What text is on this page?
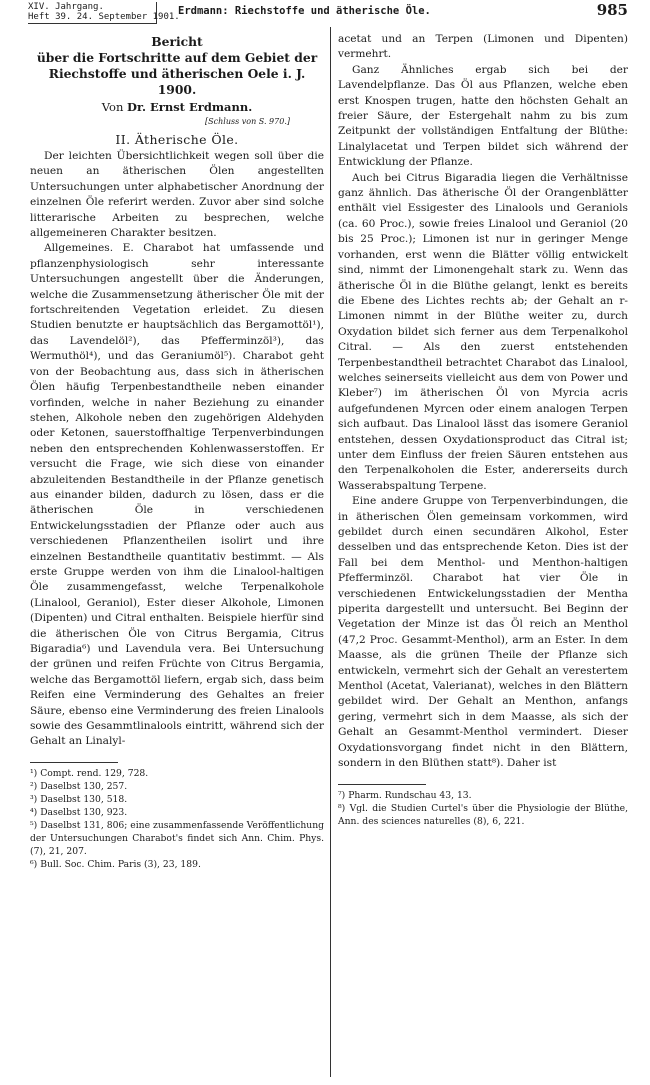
XIV. Jahrgang.
Heft 39. 24. September 1901.
Erdmann: Riechstoffe und ätherische Öle.	985
Bericht
über die Fortschritte auf dem Gebiet der
Riechstoffe und ätherischen Oele i. J. 1900.
Von Dr. Ernst Erdmann.
[Schluss von S. 970.]
II. Ätherische Öle.

Der leichten Übersichtlichkeit wegen soll über die neuen an ätherischen Ölen angestellten Untersuchungen unter alphabetischer Anordnung der einzelnen Öle referirt werden. Zuvor aber sind solche litterarische Arbeiten zu besprechen, welche allgemeineren Charakter besitzen.

Allgemeines. E. Charabot hat umfassende und pflanzenphysiologisch sehr interessante Untersuchungen angestellt über die Änderungen, welche die Zusammensetzung ätherischer Öle mit der fortschreitenden Vegetation erleidet. Zu diesen Studien benutzte er hauptsächlich das Bergamottöl¹), das Lavendelöl²), das Pfefferminzöl³), das Wermuthöl⁴), und das Geraniumöl⁵). Charabot geht von der Beobachtung aus, dass sich in ätherischen Ölen häufig Terpenbestandtheile neben einander vorfinden, welche in naher Beziehung zu einander stehen, Alkohole neben den zugehörigen Aldehyden oder Ketonen, sauerstoffhaltige Terpenverbindungen neben den entsprechenden Kohlenwasserstoffen. Er versucht die Frage, wie sich diese von einander abzuleitenden Bestandtheile in der Pflanze genetisch aus einander bilden, dadurch zu lösen, dass er die ätherischen Öle in verschiedenen Entwickelungsstadien der Pflanze oder auch aus verschiedenen Pflanzentheilen isolirt und ihre einzelnen Bestandtheile quantitativ bestimmt. — Als erste Gruppe werden von ihm die Linalool-haltigen Öle zusammengefasst, welche Terpenalkohole (Linalool, Geraniol), Ester dieser Alkohole, Limonen (Dipenten) und Citral enthalten. Beispiele hierfür sind die ätherischen Öle von Citrus Bergamia, Citrus Bigaradia⁶) und Lavendula vera. Bei Untersuchung der grünen und reifen Früchte von Citrus Bergamia, welche das Bergamottöl liefern, ergab sich, dass beim Reifen eine Verminderung des Gehaltes an freier Säure, ebenso eine Verminderung des freien Linalools sowie des Gesammtlinalools eintritt, während sich der Gehalt an Linalyl-

¹) Compt. rend. 129, 728.
²) Daselbst 130, 257.
³) Daselbst 130, 518.
⁴) Daselbst 130, 923.
⁵) Daselbst 131, 806; eine zusammenfassende Veröffentlichung der Untersuchungen Charabot's findet sich Ann. Chim. Phys. (7), 21, 207.
⁶) Bull. Soc. Chim. Paris (3), 23, 189.

acetat und an Terpen (Limonen und Dipenten) vermehrt.

Ganz Ähnliches ergab sich bei der Lavendelpflanze. Das Öl aus Pflanzen, welche eben erst Knospen trugen, hatte den höchsten Gehalt an freier Säure, der Estergehalt nahm zu bis zum Zeitpunkt der vollständigen Entfaltung der Blüthe: Linalylacetat und Terpen bildet sich während der Entwicklung der Pflanze.

Auch bei Citrus Bigaradia liegen die Verhältnisse ganz ähnlich. Das ätherische Öl der Orangenblätter enthält viel Essigester des Linalools und Geraniols (ca. 60 Proc.), sowie freies Linalool und Geraniol (20 bis 25 Proc.); Limonen ist nur in geringer Menge vorhanden, erst wenn die Blätter völlig entwickelt sind, nimmt der Limonengehalt stark zu. Wenn das ätherische Öl in die Blüthe gelangt, lenkt es bereits die Ebene des Lichtes rechts ab; der Gehalt an r-Limonen nimmt in der Blüthe weiter zu, durch Oxydation bildet sich ferner aus dem Terpenalkohol Citral. — Als den zuerst entstehenden Terpenbestandtheil betrachtet Charabot das Linalool, welches seinerseits vielleicht aus dem von Power und Kleber⁷) im ätherischen Öl von Myrcia acris aufgefundenen Myrcen oder einem analogen Terpen sich aufbaut. Das Linalool lässt das isomere Geraniol entstehen, dessen Oxydationsproduct das Citral ist; unter dem Einfluss der freien Säuren entstehen aus den Terpenalkoholen die Ester, andererseits durch Wasserabspaltung Terpene.

Eine andere Gruppe von Terpenverbindungen, die in ätherischen Ölen gemeinsam vorkommen, wird gebildet durch einen secundären Alkohol, Ester desselben und das entsprechende Keton. Dies ist der Fall bei dem Menthol- und Menthon-haltigen Pfefferminzöl. Charabot hat vier Öle in verschiedenen Entwickelungsstadien der Mentha piperita dargestellt und untersucht. Bei Beginn der Vegetation der Minze ist das Öl reich an Menthol (47,2 Proc. Gesammt-Menthol), arm an Ester. In dem Maasse, als die grünen Theile der Pflanze sich entwickeln, vermehrt sich der Gehalt an verestertem Menthol (Acetat, Valerianat), welches in den Blättern gebildet wird. Der Gehalt an Menthon, anfangs gering, vermehrt sich in dem Maasse, als sich der Gehalt an Gesammt-Menthol vermindert. Dieser Oxydationsvorgang findet nicht in den Blättern, sondern in den Blüthen statt⁸). Daher ist

⁷) Pharm. Rundschau 43, 13.
⁸) Vgl. die Studien Curtel's über die Physiologie der Blüthe, Ann. des sciences naturelles (8), 6, 221.
